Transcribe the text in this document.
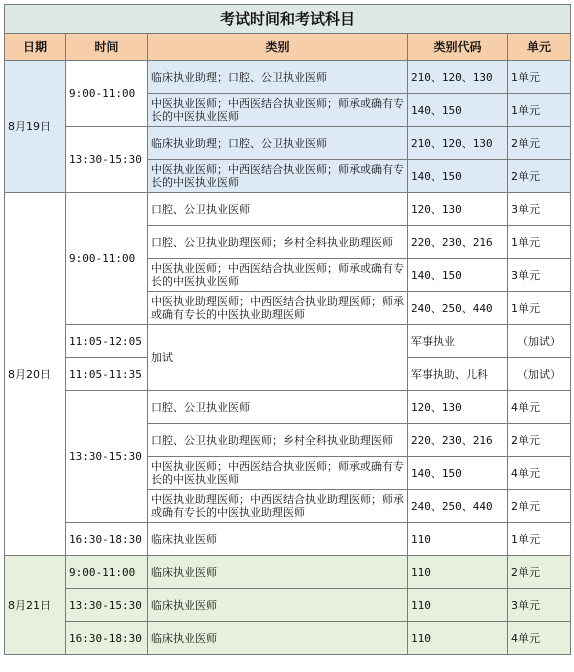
考试时间和考试科目				
日期	时间	类别	类别代码	单元
8月19日	9:00-11:00	临床执业助理；口腔、公卫执业医师	210、120、130	1单元
		中医执业医师；中西医结合执业医师；师承或确有专长的中医执业医师	140、150	1单元
	13:30-15:30	临床执业助理；口腔、公卫执业医师	210、120、130	2单元
		中医执业医师；中西医结合执业医师；师承或确有专长的中医执业医师	140、150	2单元
8月20日	9:00-11:00	口腔、公卫执业医师	120、130	3单元
		口腔、公卫执业助理医师；乡村全科执业助理医师	220、230、216	1单元
		中医执业医师；中西医结合执业医师；师承或确有专长的中医执业医师	140、150	3单元
		中医执业助理医师；中西医结合执业助理医师；师承或确有专长的中医执业助理医师	240、250、440	1单元
	11:05-12:05	加试	军事执业	（加试）
	11:05-11:35		军事执助、儿科	（加试）
	13:30-15:30	口腔、公卫执业医师	120、130	4单元
		口腔、公卫执业助理医师；乡村全科执业助理医师	220、230、216	2单元
		中医执业医师；中西医结合执业医师；师承或确有专长的中医执业医师	140、150	4单元
		中医执业助理医师；中西医结合执业助理医师；师承或确有专长的中医执业助理医师	240、250、440	2单元
	16:30-18:30	临床执业医师	110	1单元
8月21日	9:00-11:00	临床执业医师	110	2单元
	13:30-15:30	临床执业医师	110	3单元
	16:30-18:30	临床执业医师	110	4单元
